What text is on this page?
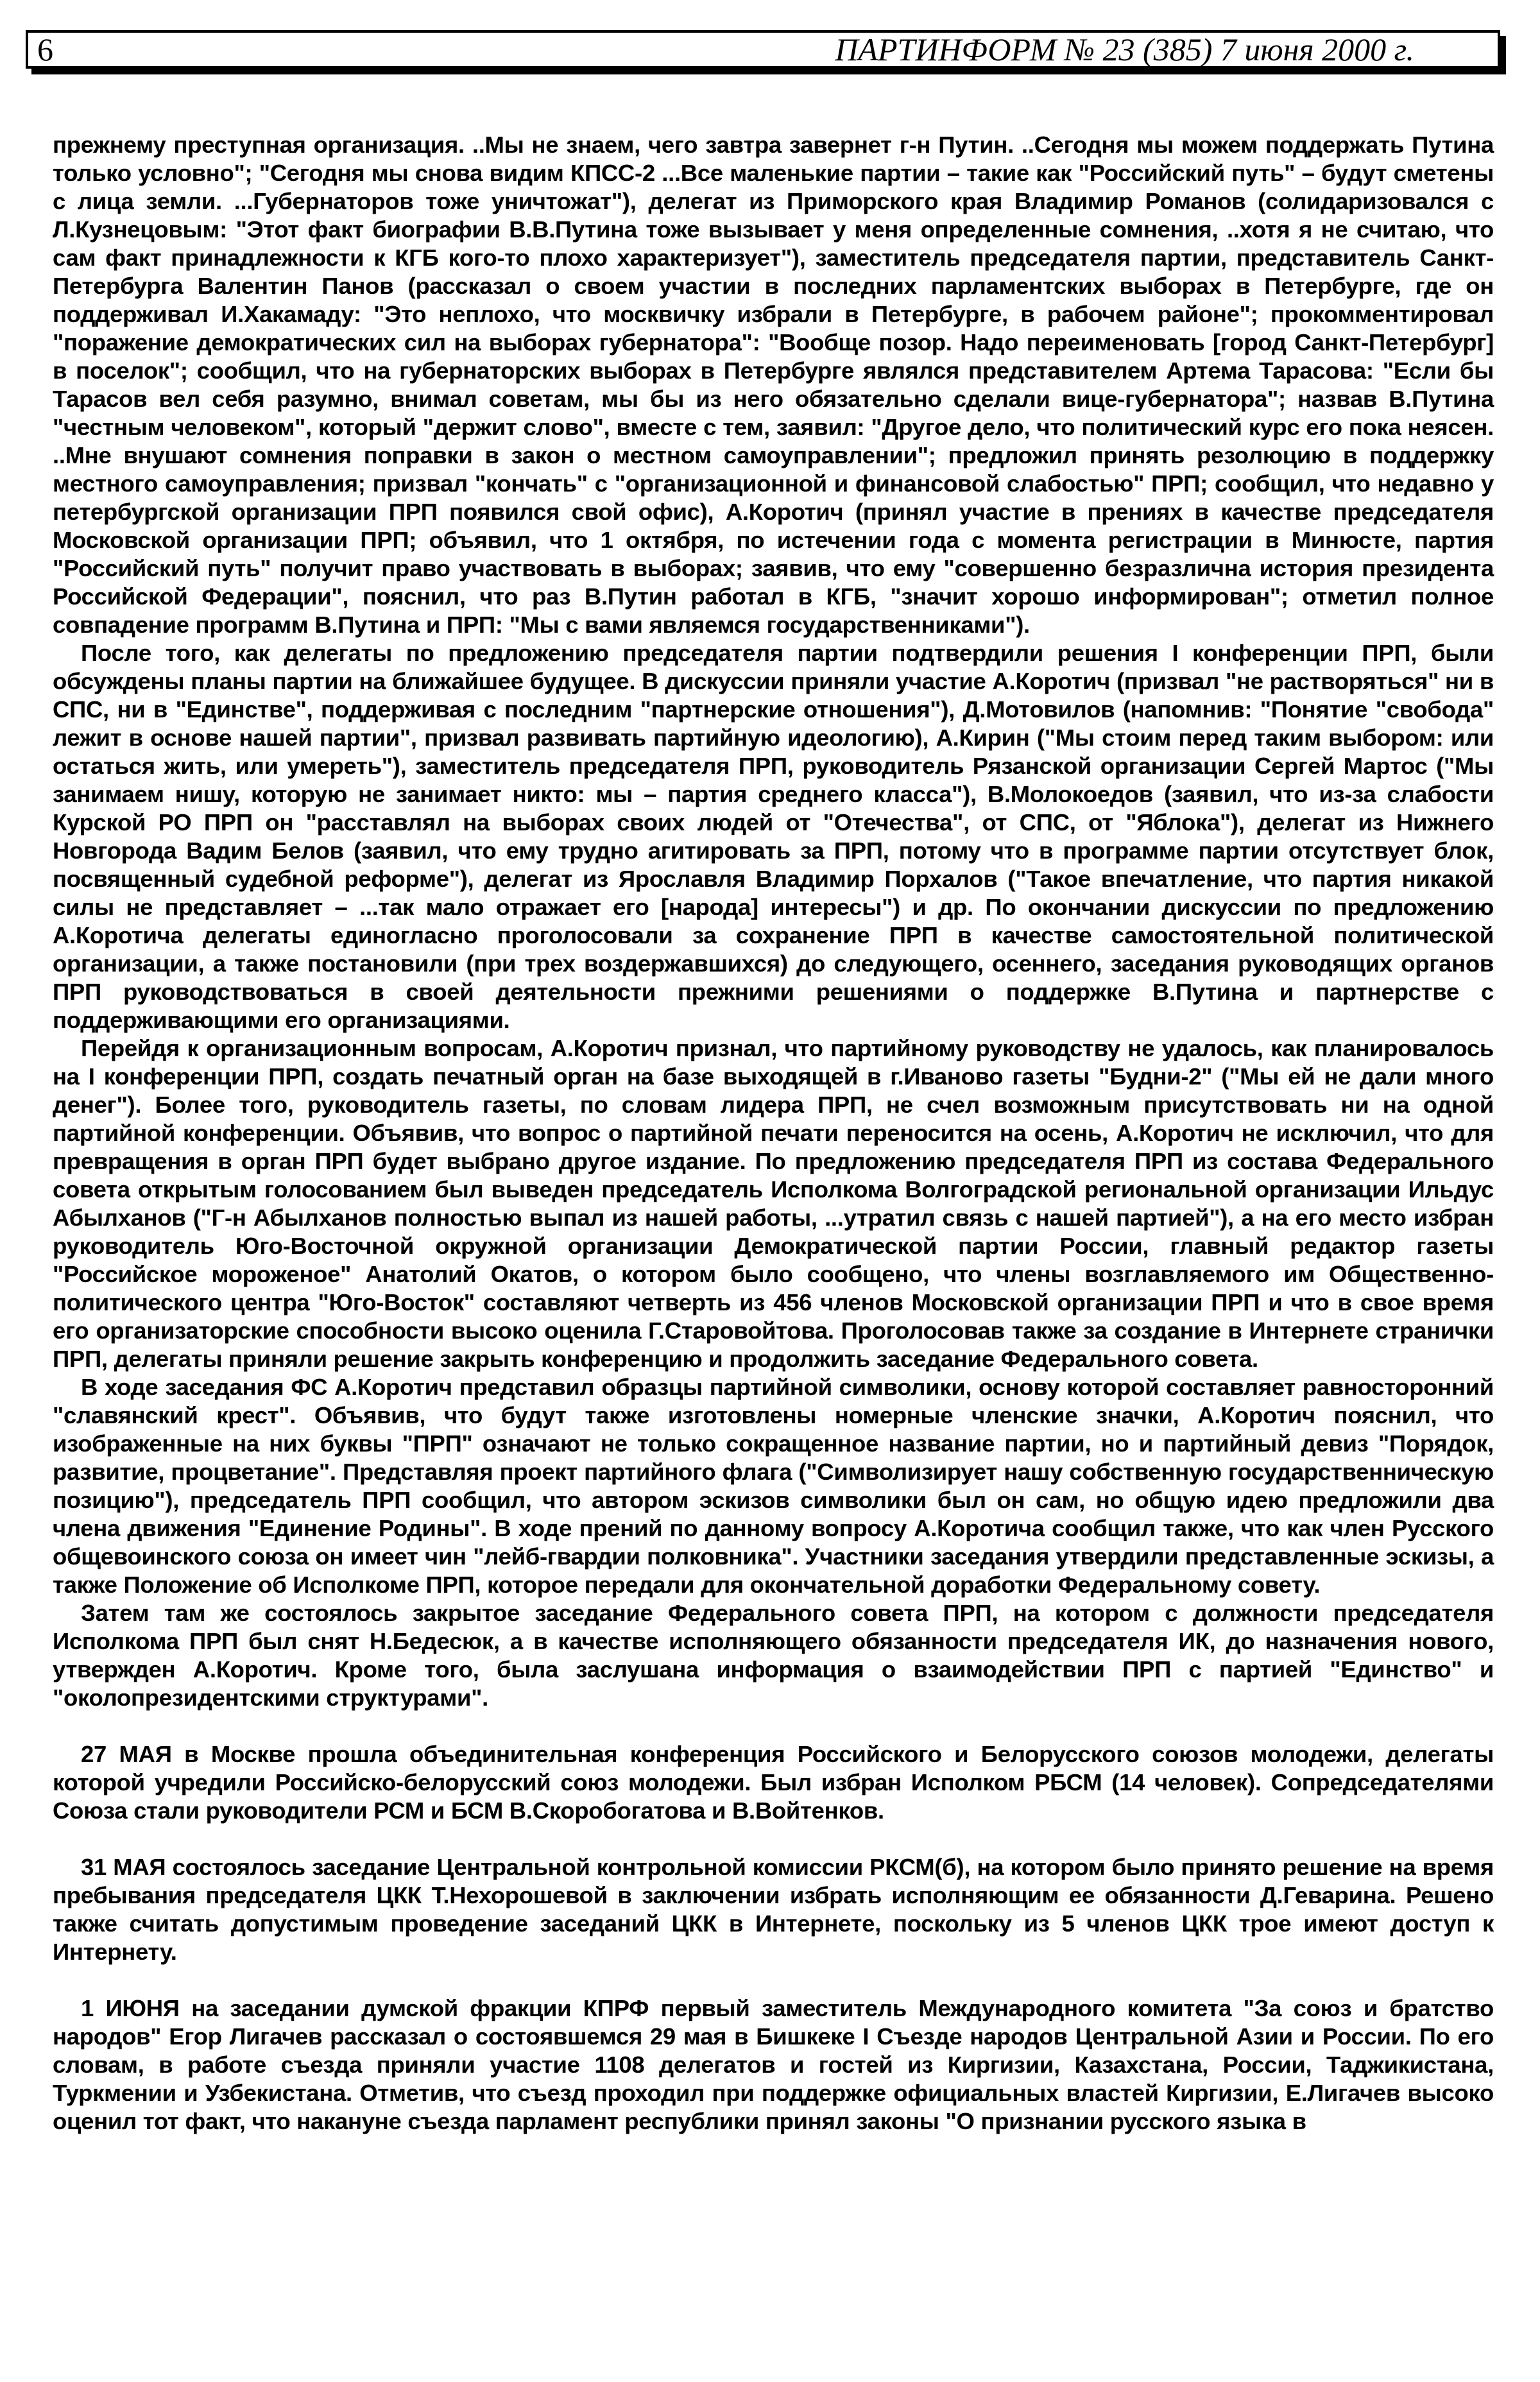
6	ПАРТИНФОРМ № 23 (385) 7 июня 2000 г.

прежнему преступная организация. ..Мы не знаем, чего завтра завернет г-н Путин. ..Сегодня мы можем поддержать Путина только условно"; "Сегодня мы снова видим КПСС-2 ...Все маленькие партии – такие как "Российский путь" – будут сметены с лица земли. ...Губернаторов тоже уничтожат"), делегат из Приморского края Владимир Романов (солидаризовался с Л.Кузнецовым: "Этот факт биографии В.В.Путина тоже вызывает у меня определенные сомнения, ..хотя я не считаю, что сам факт принадлежности к КГБ кого-то плохо характеризует"), заместитель председателя партии, представитель Санкт-Петербурга Валентин Панов (рассказал о своем участии в последних парламентских выборах в Петербурге, где он поддерживал И.Хакамаду: "Это неплохо, что москвичку избрали в Петербурге, в рабочем районе"; прокомментировал "поражение демократических сил на выборах губернатора": "Вообще позор. Надо переименовать [город Санкт-Петербург] в поселок"; сообщил, что на губернаторских выборах в Петербурге являлся представителем Артема Тарасова: "Если бы Тарасов вел себя разумно, внимал советам, мы бы из него обязательно сделали вице-губернатора"; назвав В.Путина "честным человеком", который "держит слово", вместе с тем, заявил: "Другое дело, что политический курс его пока неясен. ..Мне внушают сомнения поправки в закон о местном самоуправлении"; предложил принять резолюцию в поддержку местного самоуправления; призвал "кончать" с "организационной и финансовой слабостью" ПРП; сообщил, что недавно у петербургской организации ПРП появился свой офис), А.Коротич (принял участие в прениях в качестве председателя Московской организации ПРП; объявил, что 1 октября, по истечении года с момента регистрации в Минюсте, партия "Российский путь" получит право участвовать в выборах; заявив, что ему "совершенно безразлична история президента Российской Федерации", пояснил, что раз В.Путин работал в КГБ, "значит хорошо информирован"; отметил полное совпадение программ В.Путина и ПРП: "Мы с вами являемся государственниками").

После того, как делегаты по предложению председателя партии подтвердили решения I конференции ПРП, были обсуждены планы партии на ближайшее будущее. В дискуссии приняли участие А.Коротич (призвал "не растворяться" ни в СПС, ни в "Единстве", поддерживая с последним "партнерские отношения"), Д.Мотовилов (напомнив: "Понятие "свобода" лежит в основе нашей партии", призвал развивать партийную идеологию), А.Кирин ("Мы стоим перед таким выбором: или остаться жить, или умереть"), заместитель председателя ПРП, руководитель Рязанской организации Сергей Мартос ("Мы занимаем нишу, которую не занимает никто: мы – партия среднего класса"), В.Молокоедов (заявил, что из-за слабости Курской РО ПРП он "расставлял на выборах своих людей от "Отечества", от СПС, от "Яблока"), делегат из Нижнего Новгорода Вадим Белов (заявил, что ему трудно агитировать за ПРП, потому что в программе партии отсутствует блок, посвященный судебной реформе"), делегат из Ярославля Владимир Порхалов ("Такое впечатление, что партия никакой силы не представляет – ...так мало отражает его [народа] интересы") и др. По окончании дискуссии по предложению А.Коротича делегаты единогласно проголосовали за сохранение ПРП в качестве самостоятельной политической организации, а также постановили (при трех воздержавшихся) до следующего, осеннего, заседания руководящих органов ПРП руководствоваться в своей деятельности прежними решениями о поддержке В.Путина и партнерстве с поддерживающими его организациями.

Перейдя к организационным вопросам, А.Коротич признал, что партийному руководству не удалось, как планировалось на I конференции ПРП, создать печатный орган на базе выходящей в г.Иваново газеты "Будни-2" ("Мы ей не дали много денег"). Более того, руководитель газеты, по словам лидера ПРП, не счел возможным присутствовать ни на одной партийной конференции. Объявив, что вопрос о партийной печати переносится на осень, А.Коротич не исключил, что для превращения в орган ПРП будет выбрано другое издание. По предложению председателя ПРП из состава Федерального совета открытым голосованием был выведен председатель Исполкома Волгоградской региональной организации Ильдус Абылханов ("Г-н Абылханов полностью выпал из нашей работы, ...утратил связь с нашей партией"), а на его место избран руководитель Юго-Восточной окружной организации Демократической партии России, главный редактор газеты "Российское мороженое" Анатолий Окатов, о котором было сообщено, что члены возглавляемого им Общественно-политического центра "Юго-Восток" составляют четверть из 456 членов Московской организации ПРП и что в свое время его организаторские способности высоко оценила Г.Старовойтова. Проголосовав также за создание в Интернете странички ПРП, делегаты приняли решение закрыть конференцию и продолжить заседание Федерального совета.

В ходе заседания ФС А.Коротич представил образцы партийной символики, основу которой составляет равносторонний "славянский крест". Объявив, что будут также изготовлены номерные членские значки, А.Коротич пояснил, что изображенные на них буквы "ПРП" означают не только сокращенное название партии, но и партийный девиз "Порядок, развитие, процветание". Представляя проект партийного флага ("Символизирует нашу собственную государственническую позицию"), председатель ПРП сообщил, что автором эскизов символики был он сам, но общую идею предложили два члена движения "Единение Родины". В ходе прений по данному вопросу А.Коротича сообщил также, что как член Русского общевоинского союза он имеет чин "лейб-гвардии полковника". Участники заседания утвердили представленные эскизы, а также Положение об Исполкоме ПРП, которое передали для окончательной доработки Федеральному совету.

Затем там же состоялось закрытое заседание Федерального совета ПРП, на котором с должности председателя Исполкома ПРП был снят Н.Бедесюк, а в качестве исполняющего обязанности председателя ИК, до назначения нового, утвержден А.Коротич. Кроме того, была заслушана информация о взаимодействии ПРП с партией "Единство" и "околопрезидентскими структурами".

27 МАЯ в Москве прошла объединительная конференция Российского и Белорусского союзов молодежи, делегаты которой учредили Российско-белорусский союз молодежи. Был избран Исполком РБСМ (14 человек). Сопредседателями Союза стали руководители РСМ и БСМ В.Скоробогатова и В.Войтенков.

31 МАЯ состоялось заседание Центральной контрольной комиссии РКСМ(б), на котором было принято решение на время пребывания председателя ЦКК Т.Нехорошевой в заключении избрать исполняющим ее обязанности Д.Геварина. Решено также считать допустимым проведение заседаний ЦКК в Интернете, поскольку из 5 членов ЦКК трое имеют доступ к Интернету.

1 ИЮНЯ на заседании думской фракции КПРФ первый заместитель Международного комитета "За союз и братство народов" Егор Лигачев рассказал о состоявшемся 29 мая в Бишкеке I Съезде народов Центральной Азии и России. По его словам, в работе съезда приняли участие 1108 делегатов и гостей из Киргизии, Казахстана, России, Таджикистана, Туркмении и Узбекистана. Отметив, что съезд проходил при поддержке официальных властей Киргизии, Е.Лигачев высоко оценил тот факт, что накануне съезда парламент республики принял законы "О признании русского языка в
